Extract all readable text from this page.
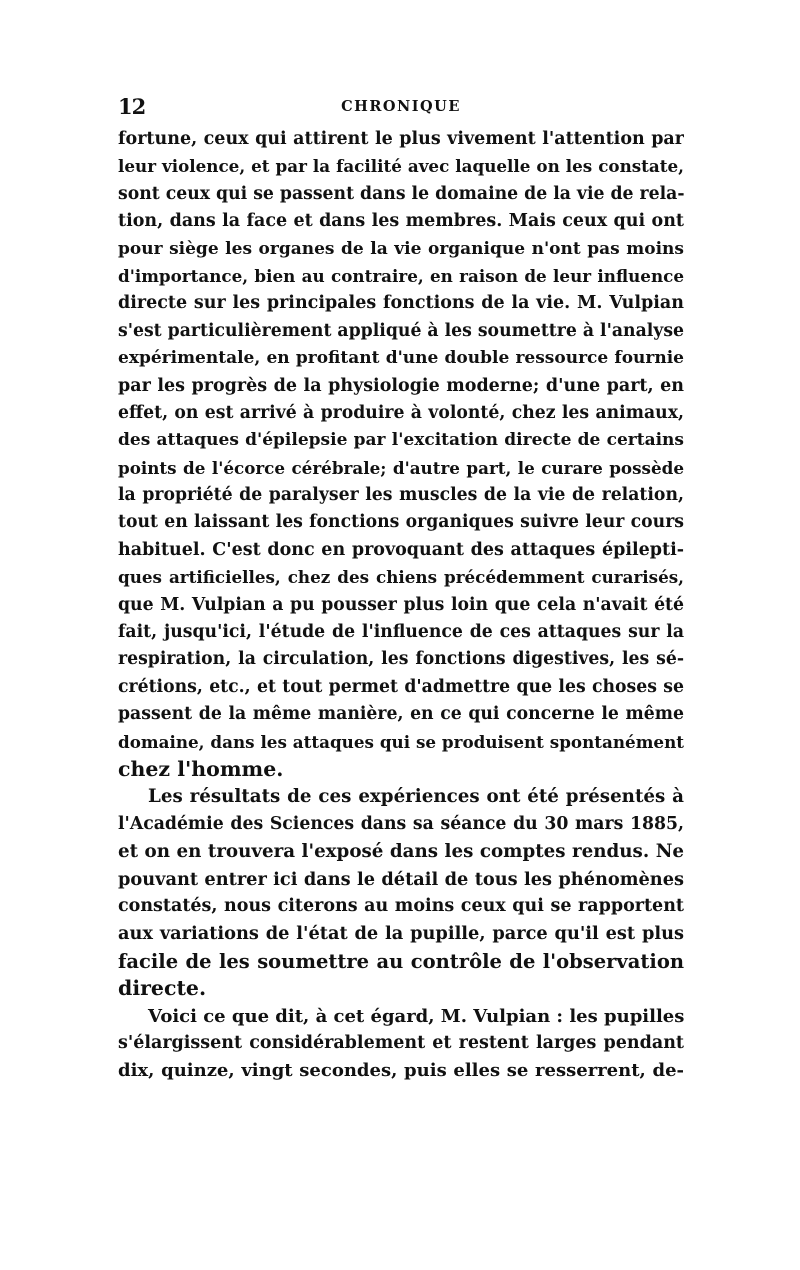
12	CHRONIQUE
fortune, ceux qui attirent le plus vivement l'attention par
leur violence, et par la facilité avec laquelle on les constate,
sont ceux qui se passent dans le domaine de la vie de rela-
tion, dans la face et dans les membres. Mais ceux qui ont
pour siège les organes de la vie organique n'ont pas moins
d'importance, bien au contraire, en raison de leur influence
directe sur les principales fonctions de la vie. M. Vulpian
s'est particulièrement appliqué à les soumettre à l'analyse
expérimentale, en profitant d'une double ressource fournie
par les progrès de la physiologie moderne; d'une part, en
effet, on est arrivé à produire à volonté, chez les animaux,
des attaques d'épilepsie par l'excitation directe de certains
points de l'écorce cérébrale; d'autre part, le curare possède
la propriété de paralyser les muscles de la vie de relation,
tout en laissant les fonctions organiques suivre leur cours
habituel. C'est donc en provoquant des attaques épilepti-
ques artificielles, chez des chiens précédemment curarisés,
que M. Vulpian a pu pousser plus loin que cela n'avait été
fait, jusqu'ici, l'étude de l'influence de ces attaques sur la
respiration, la circulation, les fonctions digestives, les sé-
crétions, etc., et tout permet d'admettre que les choses se
passent de la même manière, en ce qui concerne le même
domaine, dans les attaques qui se produisent spontanément
chez l'homme.
Les résultats de ces expériences ont été présentés à
l'Académie des Sciences dans sa séance du 30 mars 1885,
et on en trouvera l'exposé dans les comptes rendus. Ne
pouvant entrer ici dans le détail de tous les phénomènes
constatés, nous citerons au moins ceux qui se rapportent
aux variations de l'état de la pupille, parce qu'il est plus
facile de les soumettre au contrôle de l'observation
directe.
Voici ce que dit, à cet égard, M. Vulpian : les pupilles
s'élargissent considérablement et restent larges pendant
dix, quinze, vingt secondes, puis elles se resserrent, de-
